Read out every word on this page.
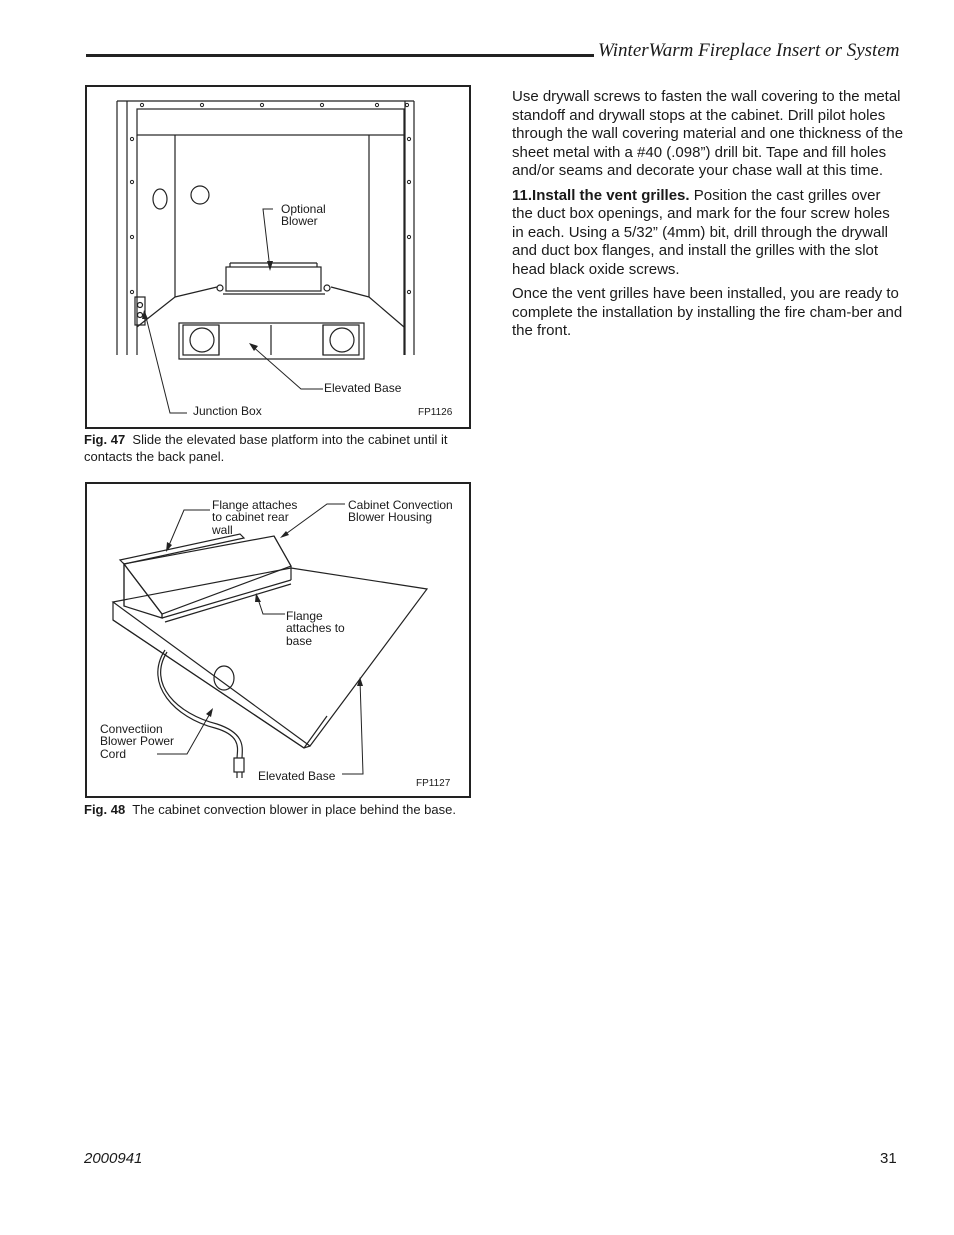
WinterWarm Fireplace Insert or System
Optional
Blower
Elevated Base
Junction Box	FP1126
Fig. 47 Slide the elevated base platform into the cabinet until it contacts the back panel.
Flange attaches
to cabinet rear
wall
Cabinet Convection
Blower Housing
Flange
attaches to
base
Convectiion
Blower Power
Cord
Elevated Base
FP1127
Fig. 48 The cabinet convection blower in place behind the base.

Use drywall screws to fasten the wall covering to the metal standoff and drywall stops at the cabinet. Drill pilot holes through the wall covering material and one thickness of the sheet metal with a #40 (.098”) drill bit. Tape and fill holes and/or seams and decorate your chase wall at this time.

11.Install the vent grilles. Position the cast grilles over the duct box openings, and mark for the four screw holes in each. Using a 5/32” (4mm) bit, drill through the drywall and duct box flanges, and install the grilles with the slot head black oxide screws.

Once the vent grilles have been installed, you are ready to complete the installation by installing the fire cham-ber and the front.

2000941	31
